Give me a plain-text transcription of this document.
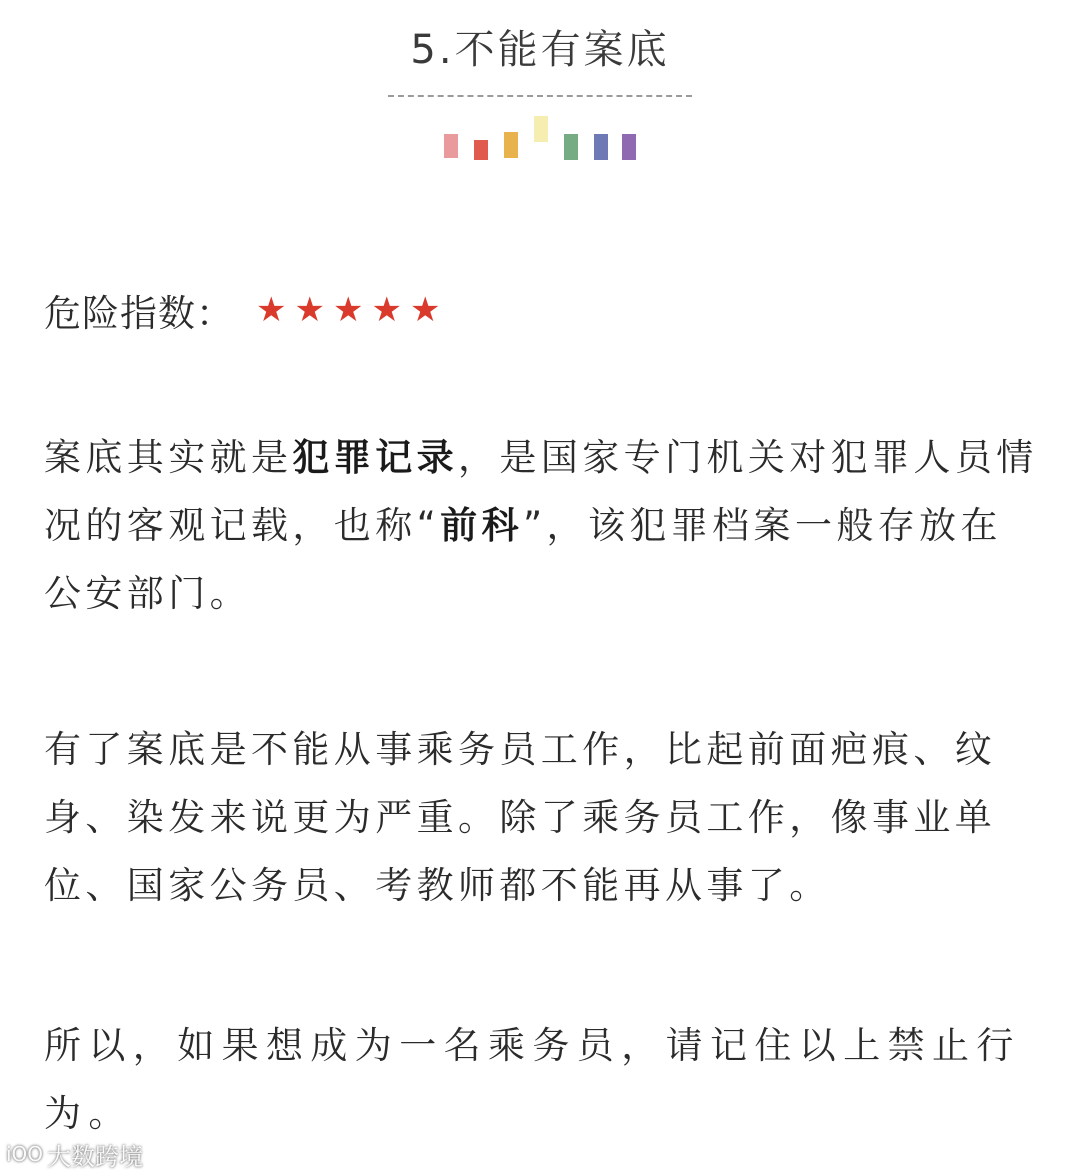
5.不能有案底
危险指数： ★ ★ ★ ★ ★

案底其实就是犯罪记录，是国家专门机关对犯罪人员情况的客观记载，也称“前科”，该犯罪档案一般存放在公安部门。

有了案底是不能从事乘务员工作，比起前面疤痕、纹身、染发来说更为严重。除了乘务员工作，像事业单位、国家公务员、考教师都不能再从事了。

所以，如果想成为一名乘务员，请记住以上禁止行为。

iOO 大数跨境
